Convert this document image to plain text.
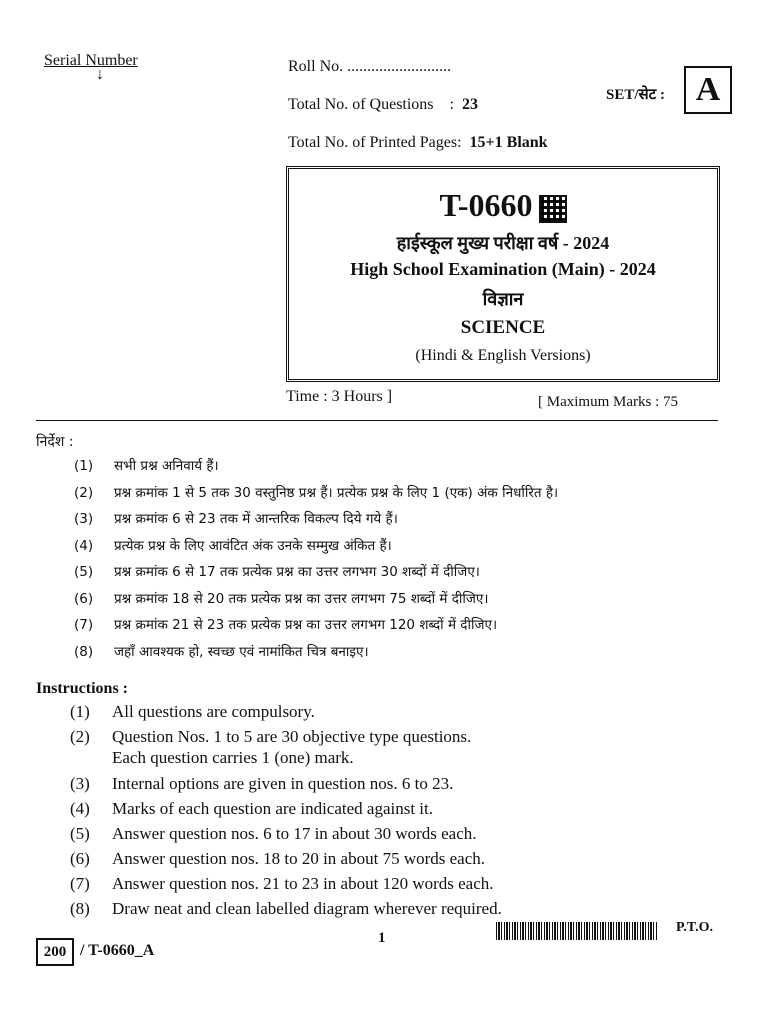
Serial Number
↓	Roll No. ..........................
Total No. of Questions : 23
Total No. of Printed Pages: 15+1 Blank
SET/सेट : A
T-0660
हाईस्कूल मुख्य परीक्षा वर्ष - 2024
High School Examination (Main) - 2024
विज्ञान
SCIENCE
(Hindi & English Versions)
Time : 3 Hours ]	[ Maximum Marks : 75
निर्देश :
(1) सभी प्रश्न अनिवार्य हैं।
(2) प्रश्न क्रमांक 1 से 5 तक 30 वस्तुनिष्ठ प्रश्न हैं। प्रत्येक प्रश्न के लिए 1 (एक) अंक निर्धारित है।
(3) प्रश्न क्रमांक 6 से 23 तक में आन्तरिक विकल्प दिये गये हैं।
(4) प्रत्येक प्रश्न के लिए आवंटित अंक उनके सम्मुख अंकित हैं।
(5) प्रश्न क्रमांक 6 से 17 तक प्रत्येक प्रश्न का उत्तर लगभग 30 शब्दों में दीजिए।
(6) प्रश्न क्रमांक 18 से 20 तक प्रत्येक प्रश्न का उत्तर लगभग 75 शब्दों में दीजिए।
(7) प्रश्न क्रमांक 21 से 23 तक प्रत्येक प्रश्न का उत्तर लगभग 120 शब्दों में दीजिए।
(8) जहाँ आवश्यक हो, स्वच्छ एवं नामांकित चित्र बनाइए।
Instructions :
(1) All questions are compulsory.
(2) Question Nos. 1 to 5 are 30 objective type questions.
Each question carries 1 (one) mark.
(3) Internal options are given in question nos. 6 to 23.
(4) Marks of each question are indicated against it.
(5) Answer question nos. 6 to 17 in about 30 words each.
(6) Answer question nos. 18 to 20 in about 75 words each.
(7) Answer question nos. 21 to 23 in about 120 words each.
(8) Draw neat and clean labelled diagram wherever required.
200 / T-0660_A
1
P.T.O.
